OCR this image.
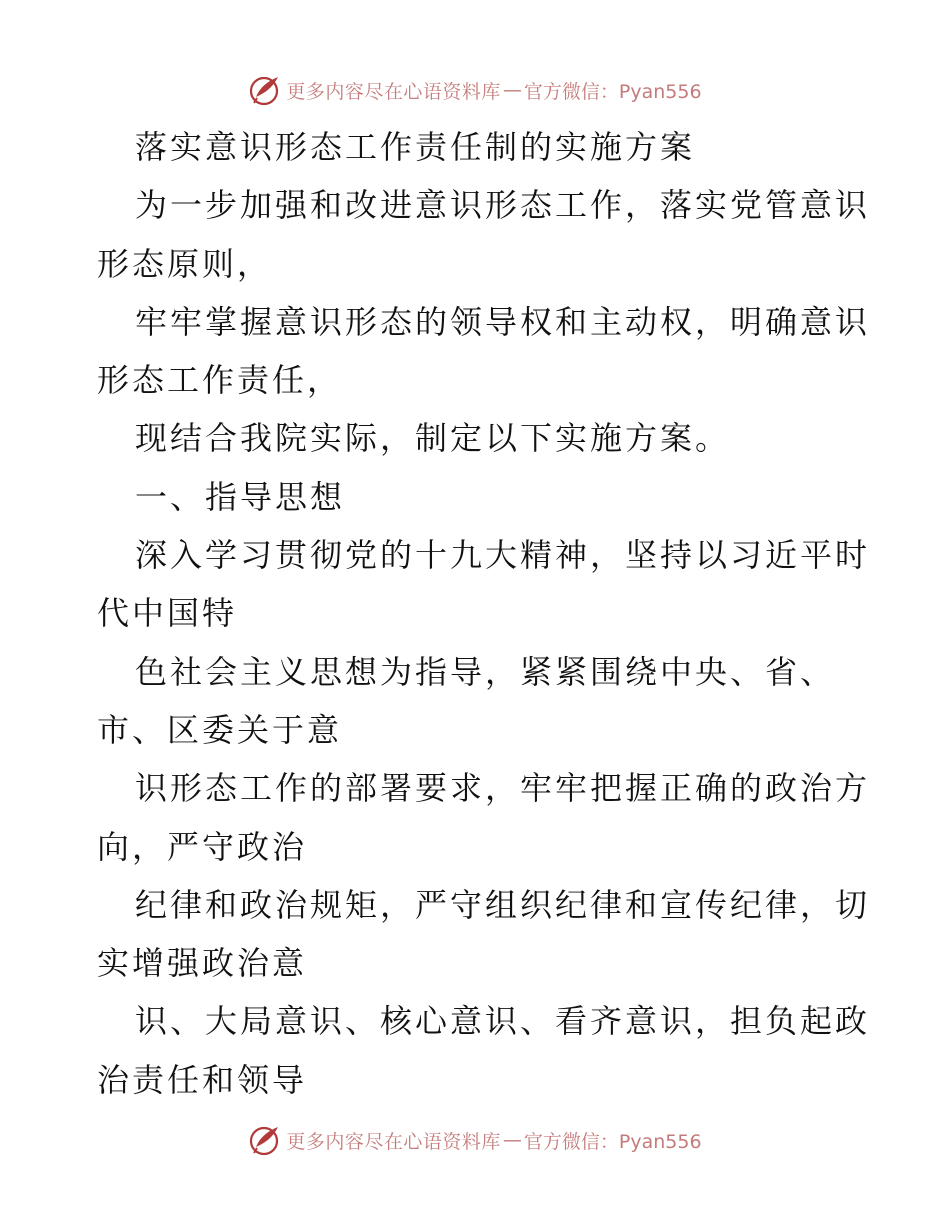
更多内容尽在心语资料库 — 官方微信：Pyan556
落实意识形态工作责任制的实施方案
为一步加强和改进意识形态工作，落实党管意识
形态原则，
牢牢掌握意识形态的领导权和主动权，明确意识
形态工作责任，
现结合我院实际，制定以下实施方案。
一、指导思想
深入学习贯彻党的十九大精神，坚持以习近平时
代中国特
色社会主义思想为指导，紧紧围绕中央、省、
市、区委关于意
识形态工作的部署要求，牢牢把握正确的政治方
向，严守政治
纪律和政治规矩，严守组织纪律和宣传纪律，切
实增强政治意
识、大局意识、核心意识、看齐意识，担负起政
治责任和领导
更多内容尽在心语资料库 — 官方微信：Pyan556
